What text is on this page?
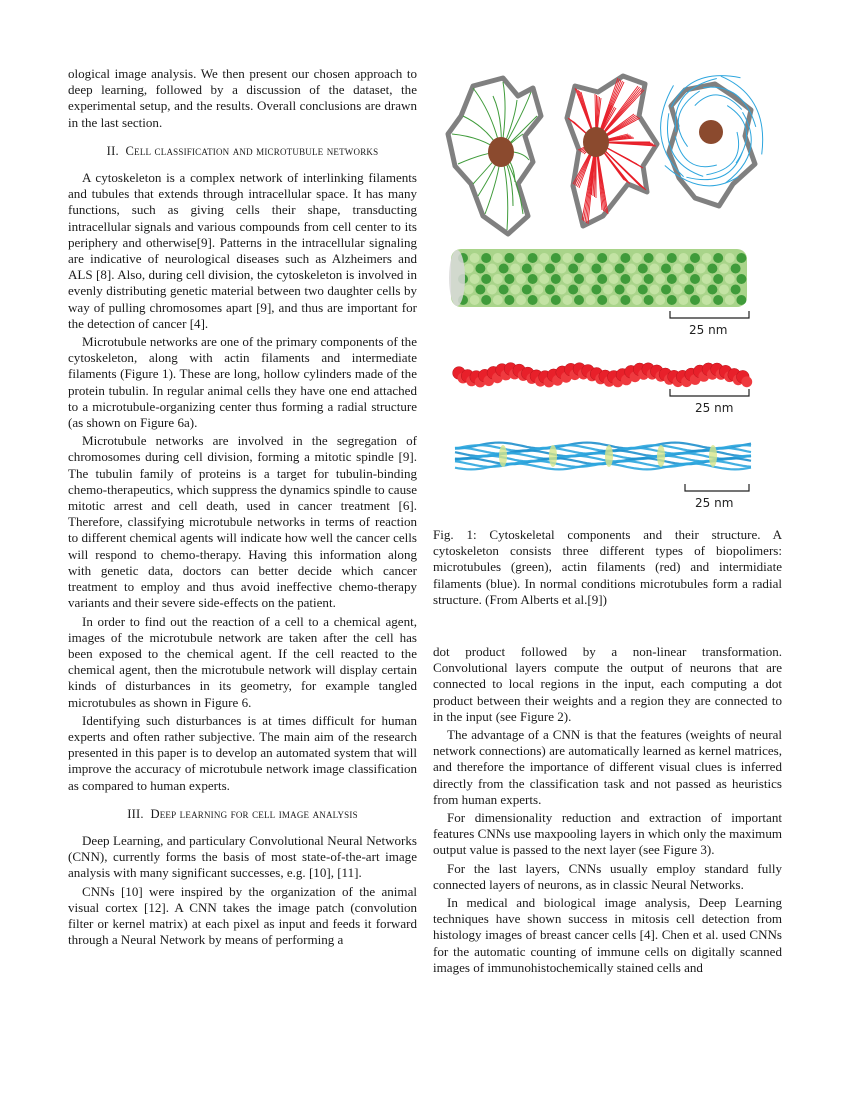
ological image analysis. We then present our chosen approach to deep learning, followed by a discussion of the dataset, the experimental setup, and the results. Overall conclusions are drawn in the last section.

II. Cell classification and microtubule networks

A cytoskeleton is a complex network of interlinking filaments and tubules that extends through intracellular space. It has many functions, such as giving cells their shape, transducting intracellular signals and various compounds from cell center to its periphery and otherwise[9]. Patterns in the intracellular signaling are indicative of neurological diseases such as Alzheimers and ALS [8]. Also, during cell division, the cytoskeleton is involved in evenly distributing genetic material between two daughter cells by way of pulling chromosomes apart [9], and thus are important for the detection of cancer [4].

Microtubule networks are one of the primary components of the cytoskeleton, along with actin filaments and intermediate filaments (Figure 1). These are long, hollow cylinders made of the protein tubulin. In regular animal cells they have one end attached to a microtubule-organizing center thus forming a radial structure (as shown on Figure 6a).

Microtubule networks are involved in the segregation of chromosomes during cell division, forming a mitotic spindle [9]. The tubulin family of proteins is a target for tubulin-binding chemo-therapeutics, which suppress the dynamics spindle to cause mitotic arrest and cell death, used in cancer treatment [6]. Therefore, classifying microtubule networks in terms of reaction to different chemical agents will indicate how well the cancer cells will respond to chemo-therapy. Having this information along with genetic data, doctors can better decide which cancer treatment to employ and thus avoid ineffective chemo-therapy variants and their severe side-effects on the patient.

In order to find out the reaction of a cell to a chemical agent, images of the microtubule network are taken after the cell has been exposed to the chemical agent. If the cell reacted to the chemical agent, then the microtubule network will display certain kinds of disturbances in its geometry, for example tangled microtubules as shown in Figure 6.

Identifying such disturbances is at times difficult for human experts and often rather subjective. The main aim of the research presented in this paper is to develop an automated system that will improve the accuracy of microtubule network image classification as compared to human experts.

III. Deep learning for cell image analysis

Deep Learning, and particulary Convolutional Neural Networks (CNN), currently forms the basis of most state-of-the-art image analysis with many significant successes, e.g. [10], [11].

CNNs [10] were inspired by the organization of the animal visual cortex [12]. A CNN takes the image patch (convolution filter or kernel matrix) at each pixel as input and feeds it forward through a Neural Network by means of performing a

25 nm
25 nm
25 nm
Fig. 1: Cytoskeletal components and their structure. A cytoskeleton consists three different types of biopolimers: microtubules (green), actin filaments (red) and intermidiate filaments (blue). In normal conditions microtubules form a radial structure. (From Alberts et al.[9])

dot product followed by a non-linear transformation. Convolutional layers compute the output of neurons that are connected to local regions in the input, each computing a dot product between their weights and a region they are connected to in the input (see Figure 2).

The advantage of a CNN is that the features (weights of neural network connections) are automatically learned as kernel matrices, and therefore the importance of different visual clues is inferred directly from the classification task and not passed as heuristics from human experts.

For dimensionality reduction and extraction of important features CNNs use maxpooling layers in which only the maximum output value is passed to the next layer (see Figure 3).

For the last layers, CNNs usually employ standard fully connected layers of neurons, as in classic Neural Networks.

In medical and biological image analysis, Deep Learning techniques have shown success in mitosis cell detection from histology images of breast cancer cells [4]. Chen et al. used CNNs for the automatic counting of immune cells on digitally scanned images of immunohistochemically stained cells and
